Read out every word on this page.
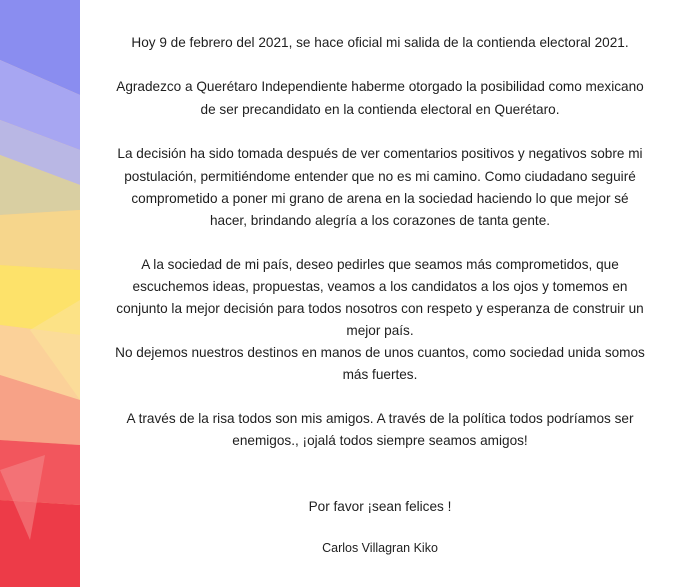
Hoy 9 de febrero del 2021, se hace oficial mi salida de la contienda electoral 2021.
Agradezco a Querétaro Independiente haberme otorgado la posibilidad como mexicano
de ser precandidato en la contienda electoral en Querétaro.
La decisión ha sido tomada después de ver comentarios positivos y negativos sobre mi
postulación, permitiéndome entender que no es mi camino. Como ciudadano seguiré
comprometido a poner mi grano de arena en la sociedad haciendo lo que mejor sé
hacer, brindando alegría a los corazones de tanta gente.
A la sociedad de mi país, deseo pedirles que seamos más comprometidos, que
escuchemos ideas, propuestas, veamos a los candidatos a los ojos y tomemos en
conjunto la mejor decisión para todos nosotros con respeto y esperanza de construir un
mejor país.
No dejemos nuestros destinos en manos de unos cuantos, como sociedad unida somos
más fuertes.
A través de la risa todos son mis amigos. A través de la política todos podríamos ser
enemigos., ¡ojalá todos siempre seamos amigos!
Por favor ¡sean felices !
Carlos Villagran Kiko
